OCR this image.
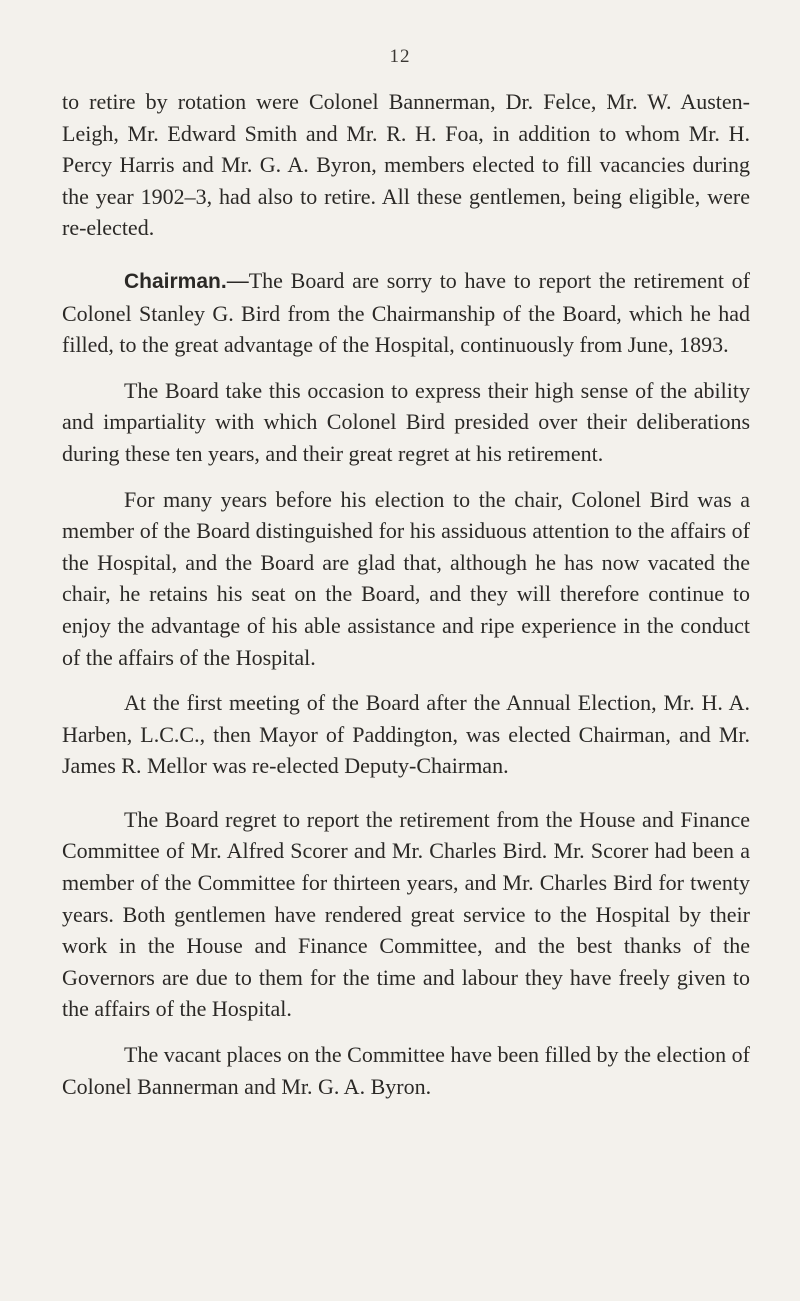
12

to retire by rotation were Colonel Bannerman, Dr. Felce, Mr. W. Austen-Leigh, Mr. Edward Smith and Mr. R. H. Foa, in addition to whom Mr. H. Percy Harris and Mr. G. A. Byron, members elected to fill vacancies during the year 1902–3, had also to retire. All these gentlemen, being eligible, were re-elected.

Chairman.—The Board are sorry to have to report the retirement of Colonel Stanley G. Bird from the Chairmanship of the Board, which he had filled, to the great advantage of the Hospital, continuously from June, 1893.

The Board take this occasion to express their high sense of the ability and impartiality with which Colonel Bird presided over their deliberations during these ten years, and their great regret at his retirement.

For many years before his election to the chair, Colonel Bird was a member of the Board distinguished for his assiduous attention to the affairs of the Hospital, and the Board are glad that, although he has now vacated the chair, he retains his seat on the Board, and they will therefore continue to enjoy the advantage of his able assistance and ripe experience in the conduct of the affairs of the Hospital.

At the first meeting of the Board after the Annual Election, Mr. H. A. Harben, L.C.C., then Mayor of Paddington, was elected Chairman, and Mr. James R. Mellor was re-elected Deputy-Chairman.

The Board regret to report the retirement from the House and Finance Committee of Mr. Alfred Scorer and Mr. Charles Bird. Mr. Scorer had been a member of the Committee for thirteen years, and Mr. Charles Bird for twenty years. Both gentlemen have rendered great service to the Hospital by their work in the House and Finance Committee, and the best thanks of the Governors are due to them for the time and labour they have freely given to the affairs of the Hospital.

The vacant places on the Committee have been filled by the election of Colonel Bannerman and Mr. G. A. Byron.
